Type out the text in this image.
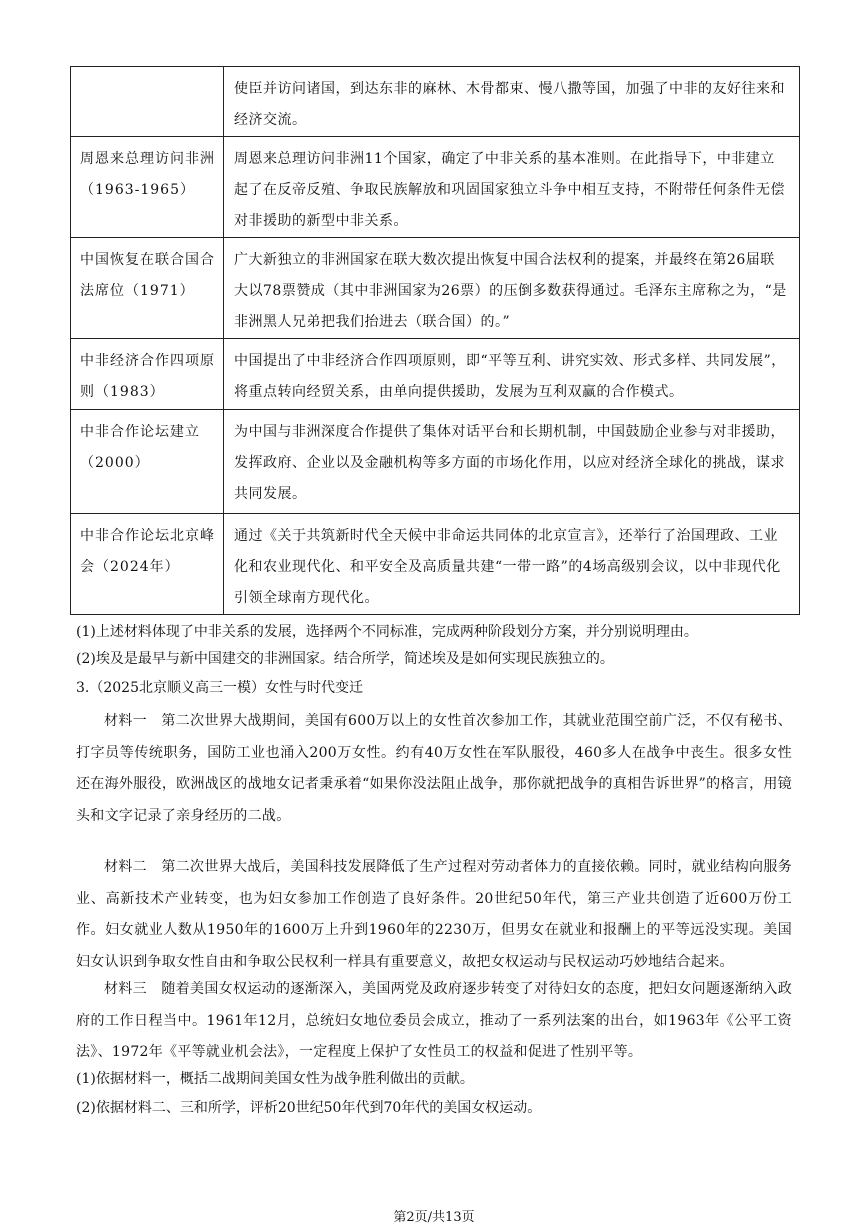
	使臣并访问诸国，到达东非的麻林、木骨都束、慢八撒等国，加强了中非的友好往来和经济交流。

周恩来总理访问非洲（1963-1965）	周恩来总理访问非洲11个国家，确定了中非关系的基本准则。在此指导下，中非建立起了在反帝反殖、争取民族解放和巩固国家独立斗争中相互支持，不附带任何条件无偿对非援助的新型中非关系。

中国恢复在联合国合法席位（1971）	广大新独立的非洲国家在联大数次提出恢复中国合法权利的提案，并最终在第26届联大以78票赞成（其中非洲国家为26票）的压倒多数获得通过。毛泽东主席称之为，“是非洲黑人兄弟把我们抬进去（联合国）的。”

中非经济合作四项原则（1983）	中国提出了中非经济合作四项原则，即“平等互利、讲究实效、形式多样、共同发展”，将重点转向经贸关系，由单向提供援助，发展为互利双赢的合作模式。

中非合作论坛建立（2000）	为中国与非洲深度合作提供了集体对话平台和长期机制，中国鼓励企业参与对非援助，发挥政府、企业以及金融机构等多方面的市场化作用，以应对经济全球化的挑战，谋求共同发展。

中非合作论坛北京峰会（2024年）	通过《关于共筑新时代全天候中非命运共同体的北京宣言》，还举行了治国理政、工业化和农业现代化、和平安全及高质量共建“一带一路”的4场高级别会议，以中非现代化引领全球南方现代化。
(1)上述材料体现了中非关系的发展，选择两个不同标准，完成两种阶段划分方案，并分别说明理由。
(2)埃及是最早与新中国建交的非洲国家。结合所学，简述埃及是如何实现民族独立的。
3.（2025北京顺义高三一模）女性与时代变迁
材料一　第二次世界大战期间，美国有600万以上的女性首次参加工作，其就业范围空前广泛，不仅有秘书、打字员等传统职务，国防工业也涌入200万女性。约有40万女性在军队服役，460多人在战争中丧生。很多女性还在海外服役，欧洲战区的战地女记者秉承着“如果你没法阻止战争，那你就把战争的真相告诉世界”的格言，用镜头和文字记录了亲身经历的二战。
材料二　第二次世界大战后，美国科技发展降低了生产过程对劳动者体力的直接依赖。同时，就业结构向服务业、高新技术产业转变，也为妇女参加工作创造了良好条件。20世纪50年代，第三产业共创造了近600万份工作。妇女就业人数从1950年的1600万上升到1960年的2230万，但男女在就业和报酬上的平等远没实现。美国妇女认识到争取女性自由和争取公民权利一样具有重要意义，故把女权运动与民权运动巧妙地结合起来。
材料三　随着美国女权运动的逐渐深入，美国两党及政府逐步转变了对待妇女的态度，把妇女问题逐渐纳入政府的工作日程当中。1961年12月，总统妇女地位委员会成立，推动了一系列法案的出台，如1963年《公平工资法》、1972年《平等就业机会法》，一定程度上保护了女性员工的权益和促进了性别平等。
(1)依据材料一，概括二战期间美国女性为战争胜利做出的贡献。
(2)依据材料二、三和所学，评析20世纪50年代到70年代的美国女权运动。
第2页/共13页
